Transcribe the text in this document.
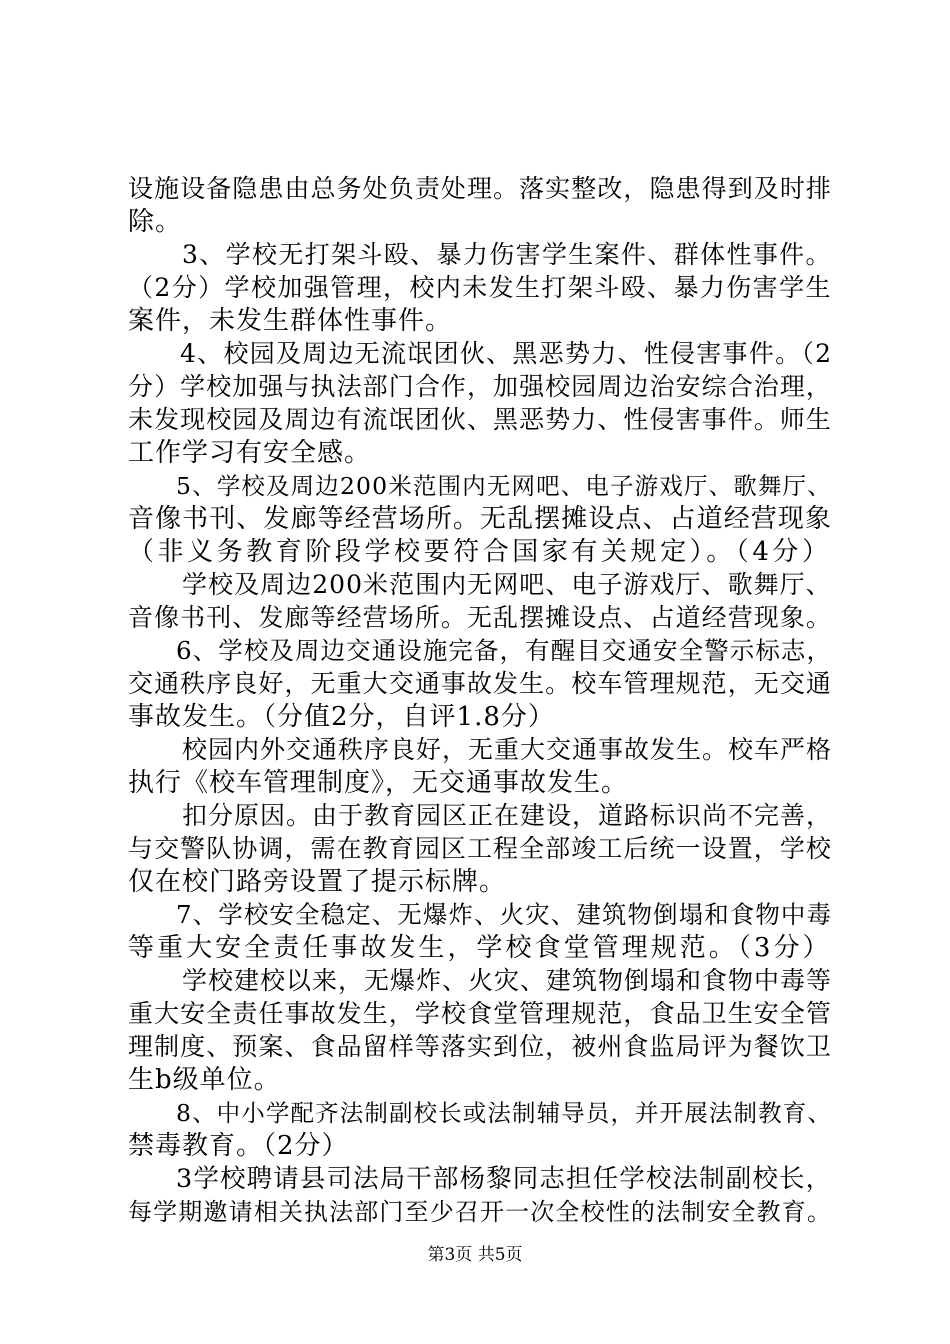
设施设备隐患由总务处负责处理。落实整改，隐患得到及时排
除。
3、学校无打架斗殴、暴力伤害学生案件、群体性事件。
（2分）学校加强管理，校内未发生打架斗殴、暴力伤害学生
案件，未发生群体性事件。
4、校园及周边无流氓团伙、黑恶势力、性侵害事件。（2
分）学校加强与执法部门合作，加强校园周边治安综合治理，
未发现校园及周边有流氓团伙、黑恶势力、性侵害事件。师生
工作学习有安全感。
5、学校及周边200米范围内无网吧、电子游戏厅、歌舞厅、
音像书刊、发廊等经营场所。无乱摆摊设点、占道经营现象
（非义务教育阶段学校要符合国家有关规定）。（4分）
学校及周边200米范围内无网吧、电子游戏厅、歌舞厅、
音像书刊、发廊等经营场所。无乱摆摊设点、占道经营现象。
6、学校及周边交通设施完备，有醒目交通安全警示标志，
交通秩序良好，无重大交通事故发生。校车管理规范，无交通
事故发生。（分值2分，自评1.8分）
校园内外交通秩序良好，无重大交通事故发生。校车严格
执行《校车管理制度》，无交通事故发生。
扣分原因。由于教育园区正在建设，道路标识尚不完善，
与交警队协调，需在教育园区工程全部竣工后统一设置，学校
仅在校门路旁设置了提示标牌。
7、学校安全稳定、无爆炸、火灾、建筑物倒塌和食物中毒
等重大安全责任事故发生，学校食堂管理规范。（3分）
学校建校以来，无爆炸、火灾、建筑物倒塌和食物中毒等
重大安全责任事故发生，学校食堂管理规范，食品卫生安全管
理制度、预案、食品留样等落实到位，被州食监局评为餐饮卫
生b级单位。
8、中小学配齐法制副校长或法制辅导员，并开展法制教育、
禁毒教育。（2分）
3学校聘请县司法局干部杨黎同志担任学校法制副校长，
每学期邀请相关执法部门至少召开一次全校性的法制安全教育。
第3页 共5页
